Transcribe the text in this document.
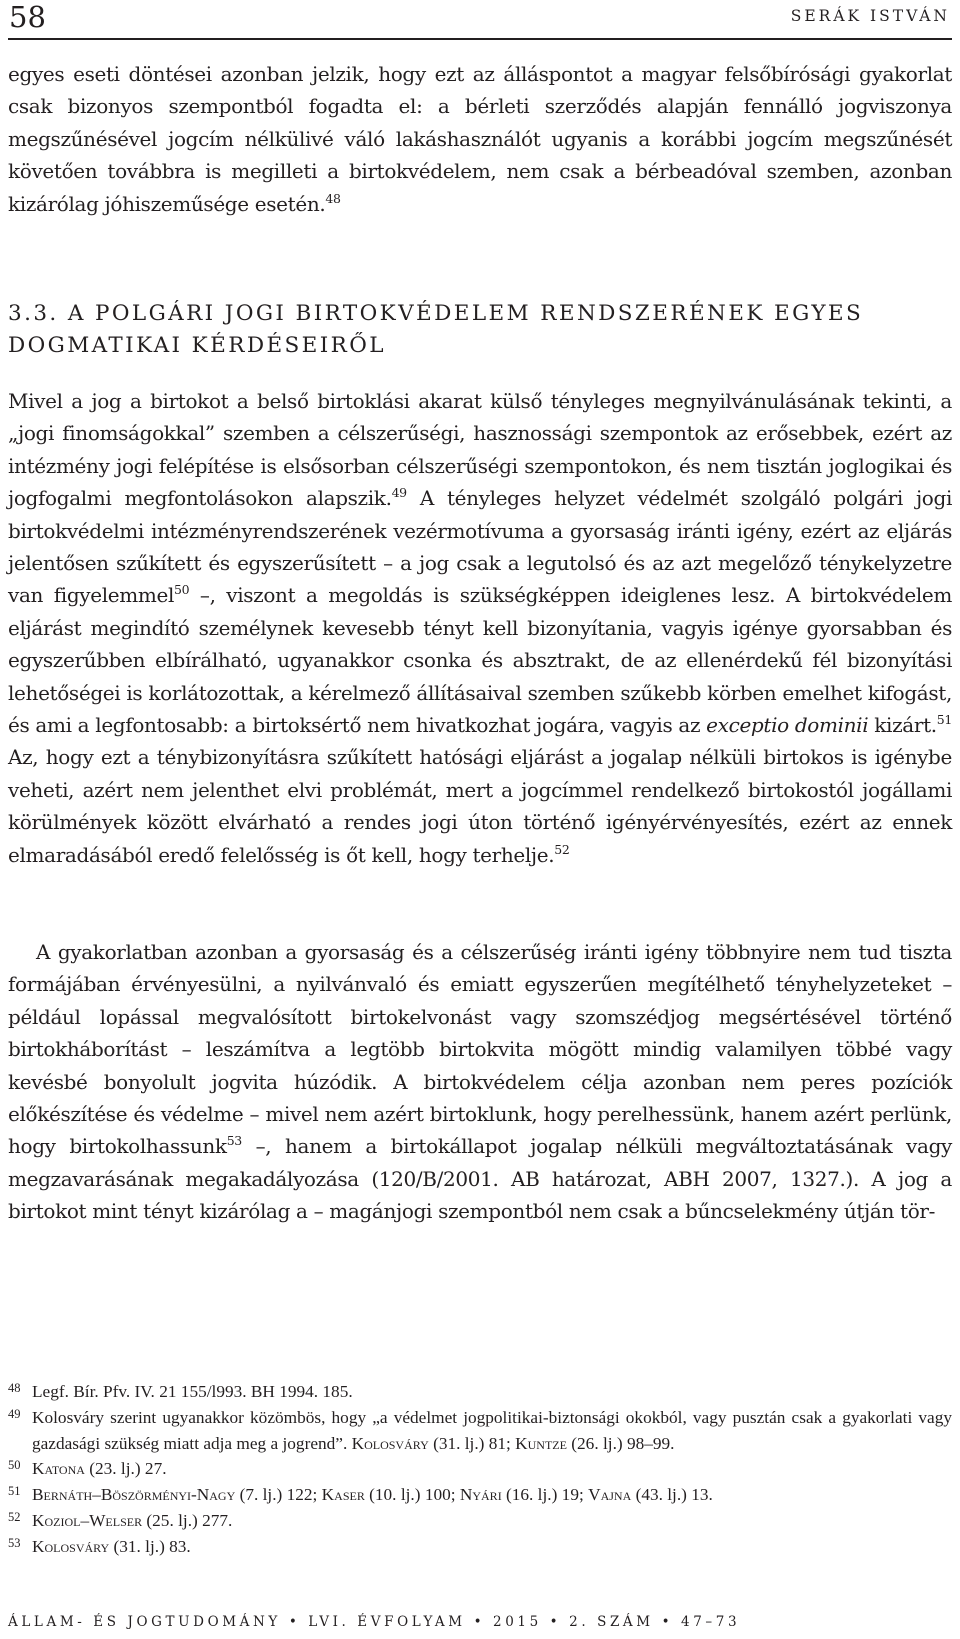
58	SERÁK ISTVÁN

egyes eseti döntései azonban jelzik, hogy ezt az álláspontot a magyar felsőbírósági gyakorlat csak bizonyos szempontból fogadta el: a bérleti szerződés alapján fennálló jogviszonya megszűnésével jogcím nélkülivé váló lakáshasználót ugyanis a korábbi jogcím megszűnését követően továbbra is megilleti a birtokvédelem, nem csak a bérbeadóval szemben, azonban kizárólag jóhiszeműsége esetén.$^{48}$

3.3. A POLGÁRI JOGI BIRTOKVÉDELEM RENDSZERÉNEK EGYES DOGMATIKAI KÉRDÉSEIRŐL

Mivel a jog a birtokot a belső birtoklási akarat külső tényleges megnyilvánulásának tekinti, a „jogi finomságokkal” szemben a célszerűségi, hasznossági szempontok az erősebbek, ezért az intézmény jogi felépítése is elsősorban célszerűségi szempontokon, és nem tisztán joglogikai és jogfogalmi megfontolásokon alapszik.$^{49}$ A tényleges helyzet védelmét szolgáló polgári jogi birtokvédelmi intézményrendszerének vezérmotívuma a gyorsaság iránti igény, ezért az eljárás jelentősen szűkített és egyszerűsített – a jog csak a legutolsó és az azt megelőző ténykelyzetre van figyelemmel$^{50}$ –, viszont a megoldás is szükségképpen ideiglenes lesz. A birtokvédelem eljárást megindító személynek kevesebb tényt kell bizonyítania, vagyis igénye gyorsabban és egyszerűbben elbírálható, ugyanakkor csonka és absztrakt, de az ellenérdekű fél bizonyítási lehetőségei is korlátozottak, a kérelmező állításaival szemben szűkebb körben emelhet kifogást, és ami a legfontosabb: a birtoksértő nem hivatkozhat jogára, vagyis az exceptio dominii kizárt.$^{51}$ Az, hogy ezt a ténybizonyításra szűkített hatósági eljárást a jogalap nélküli birtokos is igénybe veheti, azért nem jelenthet elvi problémát, mert a jogcímmel rendelkező birtokostól jogállami körülmények között elvárható a rendes jogi úton történő igényérvényesítés, ezért az ennek elmaradásából eredő felelősség is őt kell, hogy terhelje.$^{52}$

A gyakorlatban azonban a gyorsaság és a célszerűség iránti igény többnyire nem tud tiszta formájában érvényesülni, a nyilvánvaló és emiatt egyszerűen megítélhető tényhelyzeteket – például lopással megvalósított birtokelvonást vagy szomszédjog megsértésével történő birtokháborítást – leszámítva a legtöbb birtokvita mögött mindig valamilyen többé vagy kevésbé bonyolult jogvita húzódik. A birtokvédelem célja azonban nem peres pozíciók előkészítése és védelme – mivel nem azért birtoklunk, hogy perelhessünk, hanem azért perlünk, hogy birtokolhassunk$^{53}$ –, hanem a birtokállapot jogalap nélküli megváltoztatásának vagy megzavarásának megakadályozása (120/B/2001. AB határozat, ABH 2007, 1327.). A jog a birtokot mint tényt kizárólag a – magánjogi szempontból nem csak a bűncselekmény útján tör-

48 Legf. Bír. Pfv. IV. 21 155/l993. BH 1994. 185.

49 Kolosváry szerint ugyanakkor közömbös, hogy „a védelmet jogpolitikai-biztonsági okokból, vagy pusztán csak a gyakorlati vagy gazdasági szükség miatt adja meg a jogrend”. Kolosváry (31. lj.) 81; Kuntze (26. lj.) 98–99.

50 Katona (23. lj.) 27.

51 Bernáth–Böszörményi-Nagy (7. lj.) 122; Kaser (10. lj.) 100; Nyári (16. lj.) 19; Vajna (43. lj.) 13.

52 Koziol–Welser (25. lj.) 277.

53 Kolosváry (31. lj.) 83.

ÁLLAM- ÉS JOGTUDOMÁNY • LVI. ÉVFOLYAM • 2015 • 2. SZÁM • 47–73
